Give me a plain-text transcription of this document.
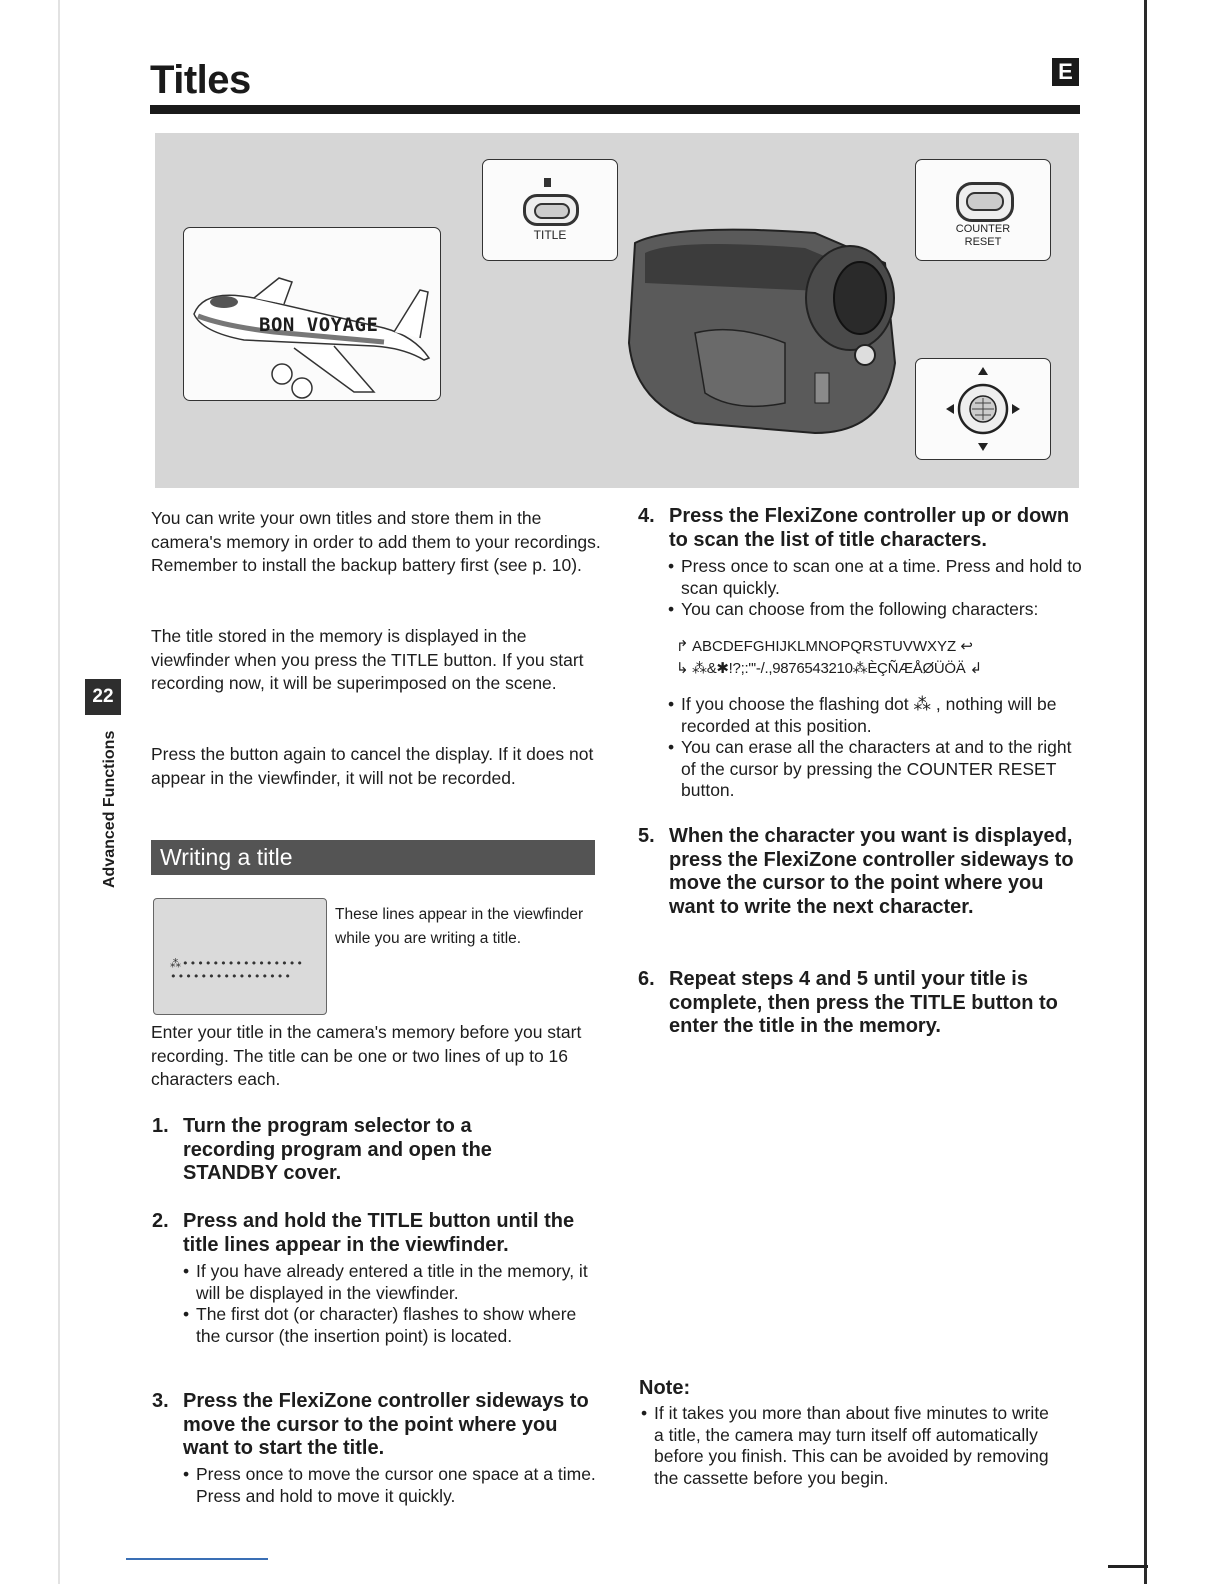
Titles	E
BON VOYAGE
TITLE	COUNTER
RESET
22
Advanced Functions

You can write your own titles and store them in the camera's memory in order to add them to your recordings. Remember to install the backup battery first (see p. 10).

The title stored in the memory is displayed in the viewfinder when you press the TITLE button. If you start recording now, it will be superimposed on the scene.

Press the button again to cancel the display. If it does not appear in the viewfinder, it will not be recorded.

Writing a title
⁂••••••••••••••••
••••••••••••••••

These lines appear in the viewfinder while you are writing a title.

Enter your title in the camera's memory before you start recording. The title can be one or two lines of up to 16 characters each.

1. Turn the program selector to a recording program and open the STANDBY cover.
2. Press and hold the TITLE button until the title lines appear in the viewfinder.
• If you have already entered a title in the memory, it will be displayed in the viewfinder.
• The first dot (or character) flashes to show where the cursor (the insertion point) is located.
3. Press the FlexiZone controller sideways to move the cursor to the point where you want to start the title.
• Press once to move the cursor one space at a time. Press and hold to move it quickly.
4. Press the FlexiZone controller up or down to scan the list of title characters.
• Press once to scan one at a time. Press and hold to scan quickly.
• You can choose from the following characters:
↱ ABCDEFGHIJKLMNOPQRSTUVWXYZ ↩
↳ ⁂&✱!?;:"'-/.,9876543210⁂ÈÇÑÆÅØÜÖÄ ↲
• If you choose the flashing dot ⁂ , nothing will be recorded at this position.
• You can erase all the characters at and to the right of the cursor by pressing the COUNTER RESET button.
5. When the character you want is displayed, press the FlexiZone controller sideways to move the cursor to the point where you want to write the next character.
6. Repeat steps 4 and 5 until your title is complete, then press the TITLE button to enter the title in the memory.
Note:
• If it takes you more than about five minutes to write a title, the camera may turn itself off automatically before you finish. This can be avoided by removing the cassette before you begin.
